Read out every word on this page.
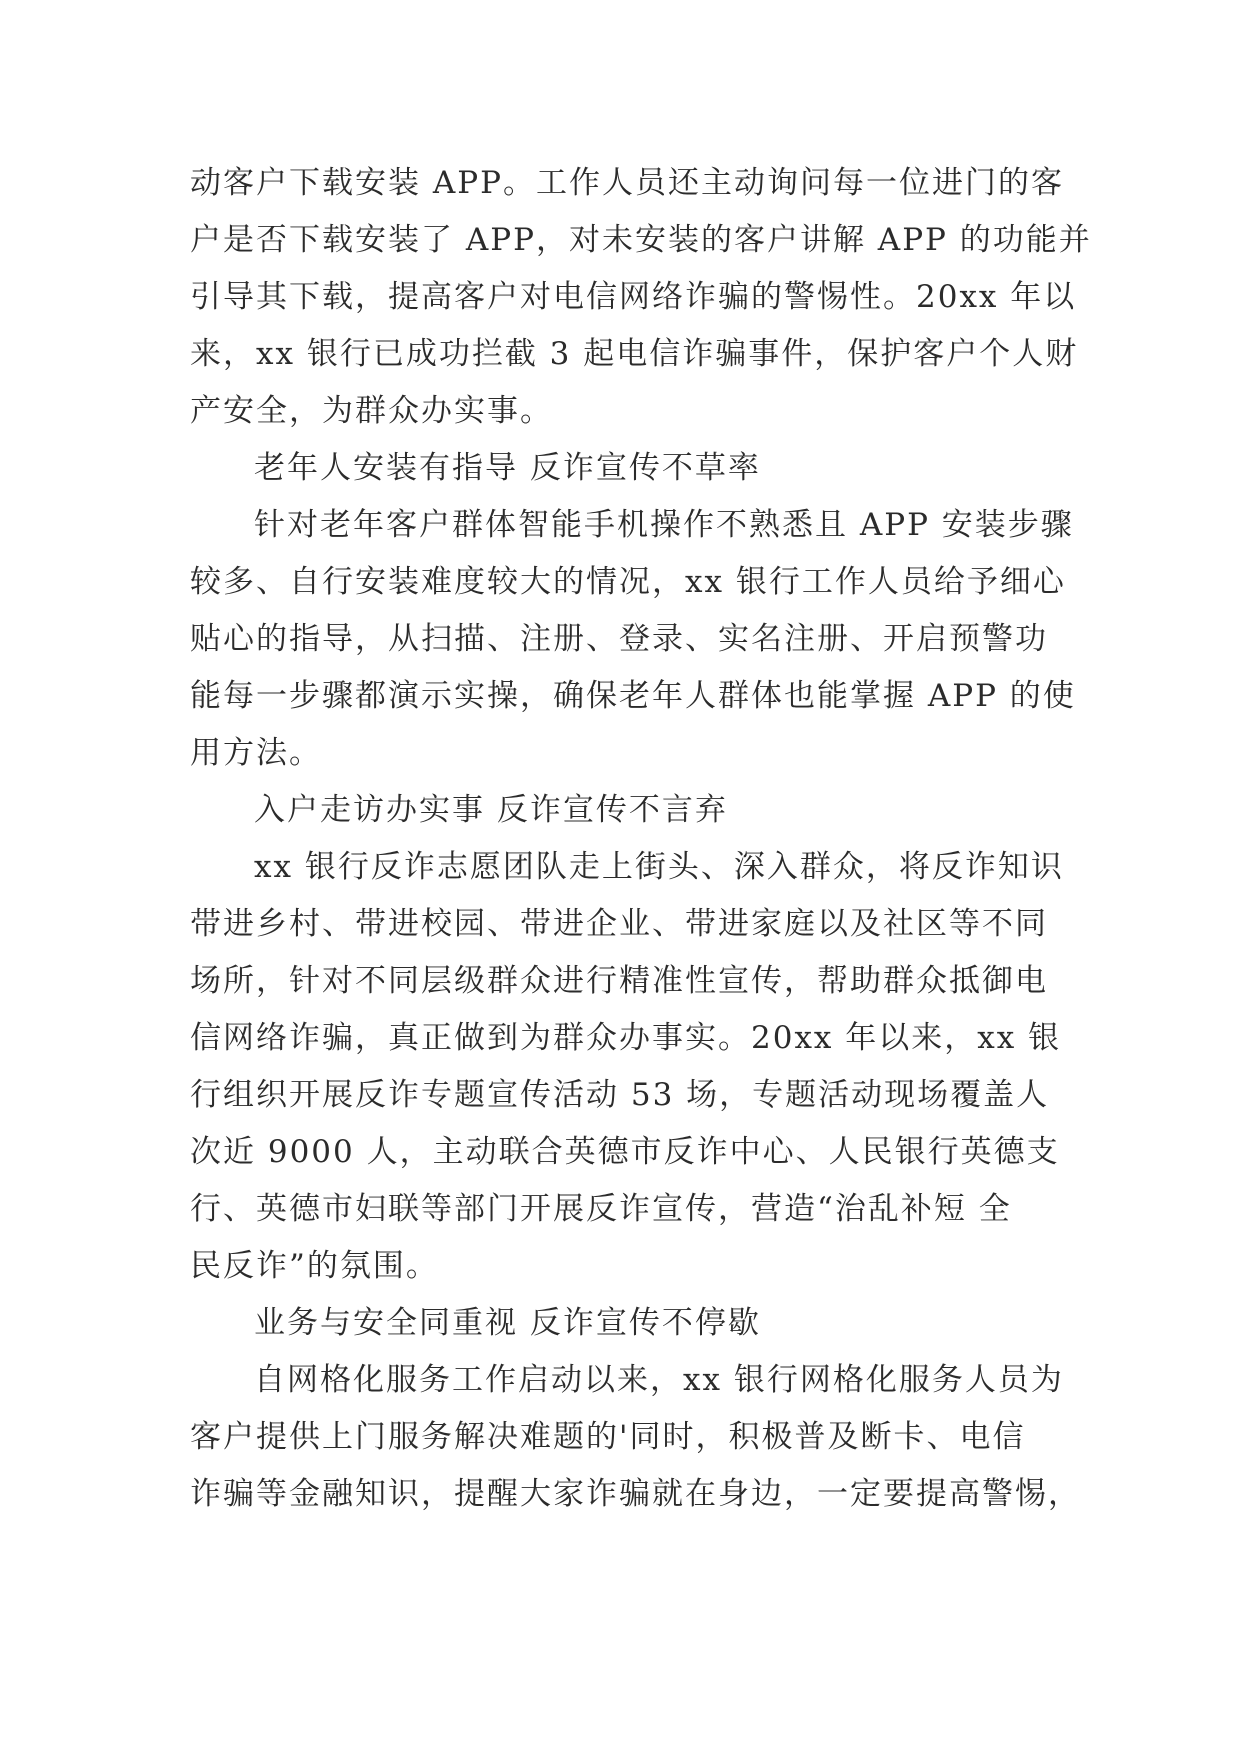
动客户下载安装 APP。工作人员还主动询问每一位进门的客
户是否下载安装了 APP，对未安装的客户讲解 APP 的功能并
引导其下载，提高客户对电信网络诈骗的警惕性。20xx 年以
来，xx 银行已成功拦截 3 起电信诈骗事件，保护客户个人财
产安全，为群众办实事。
老年人安装有指导 反诈宣传不草率
针对老年客户群体智能手机操作不熟悉且 APP 安装步骤
较多、自行安装难度较大的情况，xx 银行工作人员给予细心
贴心的指导，从扫描、注册、登录、实名注册、开启预警功
能每一步骤都演示实操，确保老年人群体也能掌握 APP 的使
用方法。
入户走访办实事 反诈宣传不言弃
xx 银行反诈志愿团队走上街头、深入群众，将反诈知识
带进乡村、带进校园、带进企业、带进家庭以及社区等不同
场所，针对不同层级群众进行精准性宣传，帮助群众抵御电
信网络诈骗，真正做到为群众办事实。20xx 年以来，xx 银
行组织开展反诈专题宣传活动 53 场，专题活动现场覆盖人
次近 9000 人，主动联合英德市反诈中心、人民银行英德支
行、英德市妇联等部门开展反诈宣传，营造“治乱补短 全
民反诈”的氛围。
业务与安全同重视 反诈宣传不停歇
自网格化服务工作启动以来，xx 银行网格化服务人员为
客户提供上门服务解决难题的'同时，积极普及断卡、电信
诈骗等金融知识，提醒大家诈骗就在身边，一定要提高警惕，
